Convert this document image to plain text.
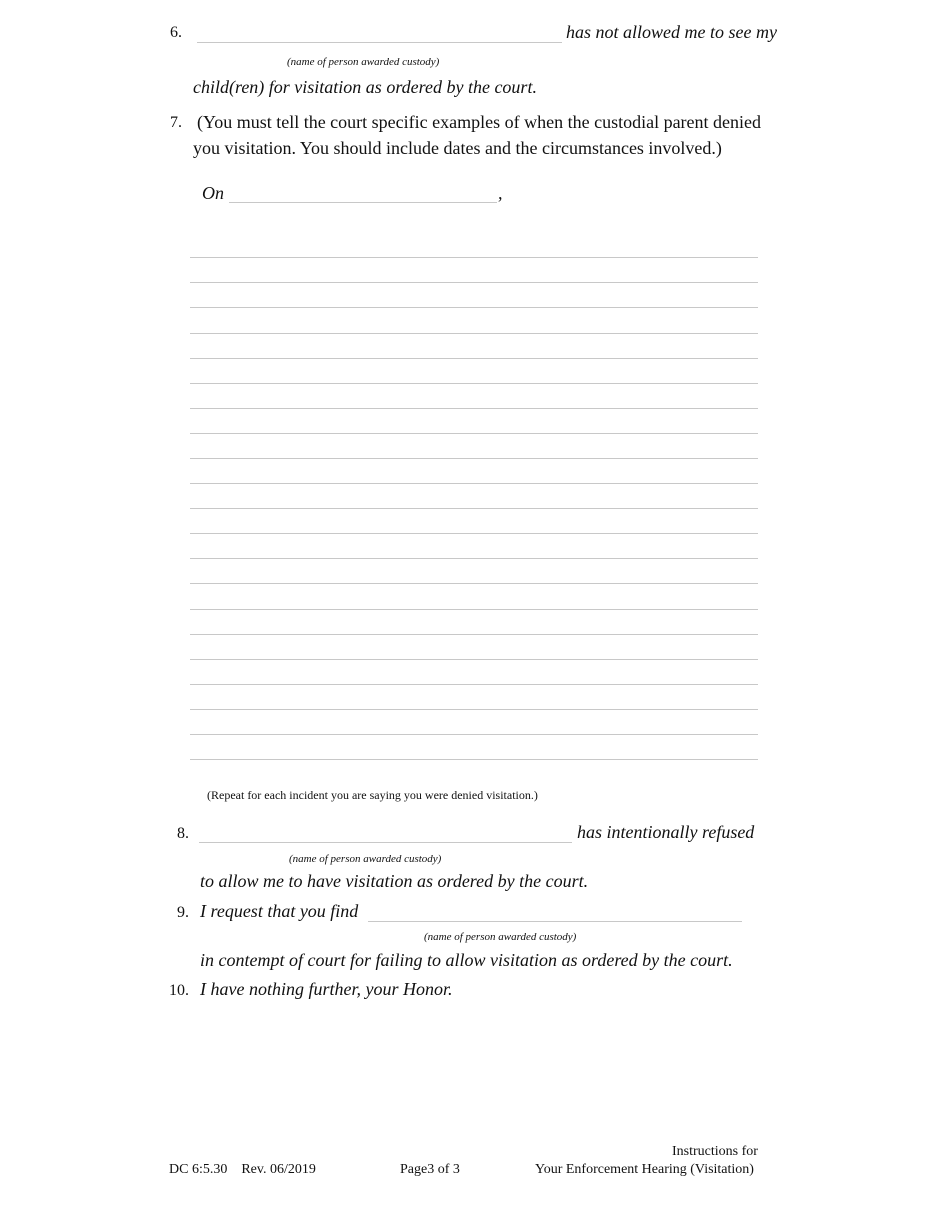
6.	has not allowed me to see my
(name of person awarded custody)
child(ren) for visitation as ordered by the court.
7. (You must tell the court specific examples of when the custodial parent denied
you visitation. You should include dates and the circumstances involved.)
On	,
(Repeat for each incident you are saying you were denied visitation.)
8.	has intentionally refused
(name of person awarded custody)
to allow me to have visitation as ordered by the court.
9. I request that you find
(name of person awarded custody)
in contempt of court for failing to allow visitation as ordered by the court.
10. I have nothing further, your Honor.
DC 6:5.30    Rev. 06/2019	Page3 of 3
Instructions for
Your Enforcement Hearing (Visitation)
